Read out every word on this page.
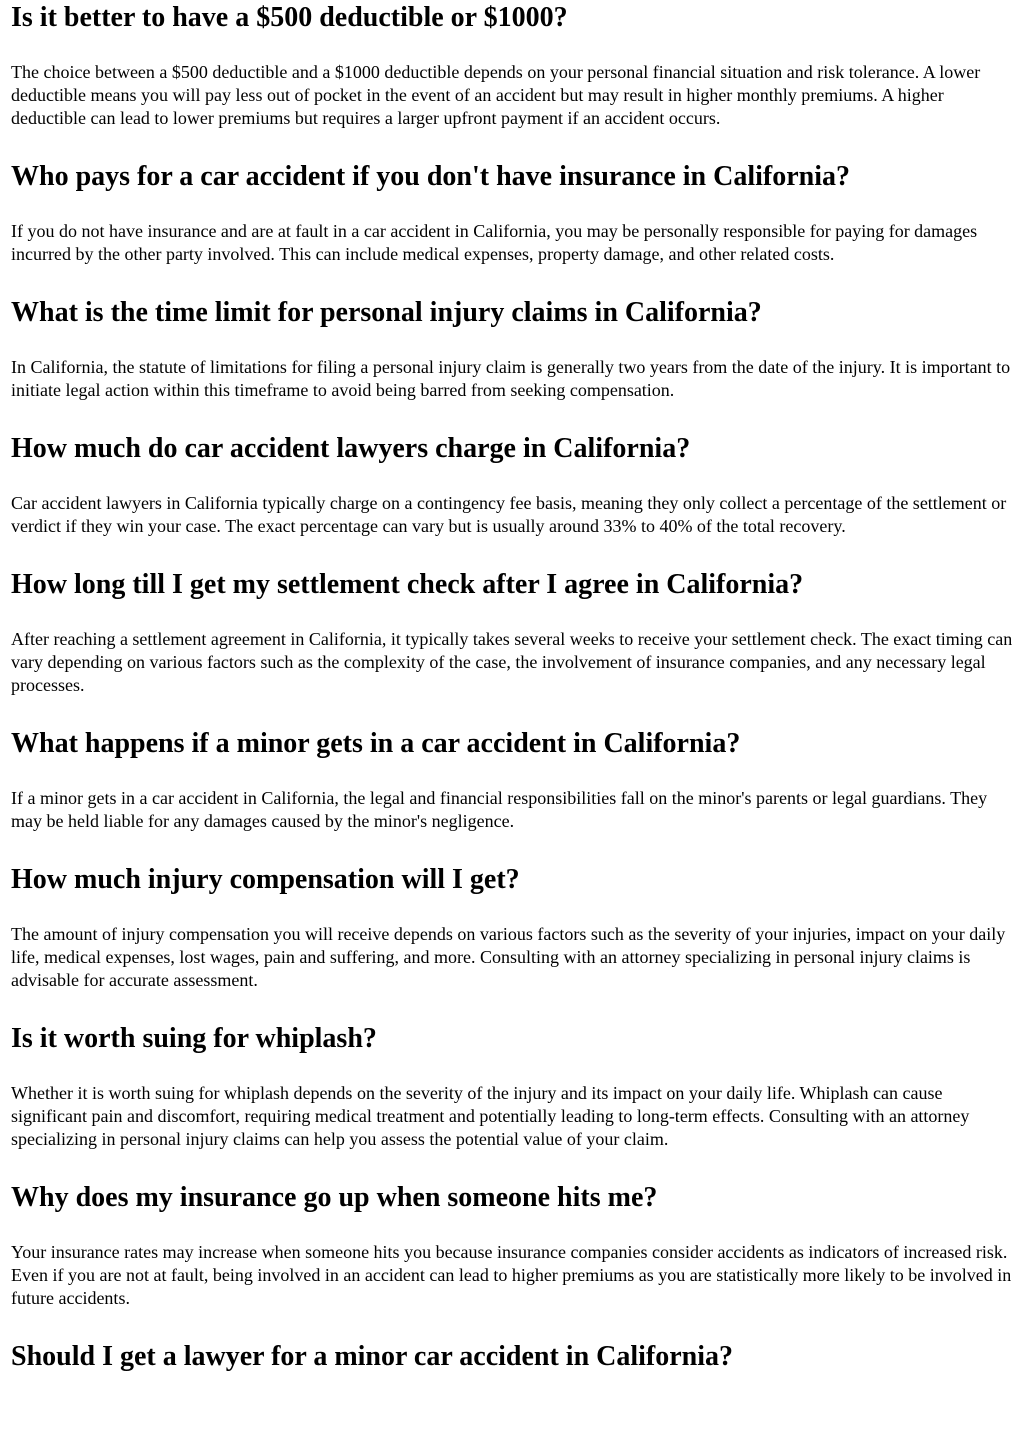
Is it better to have a $500 deductible or $1000?

The choice between a $500 deductible and a $1000 deductible depends on your personal financial situation and risk tolerance. A lower deductible means you will pay less out of pocket in the event of an accident but may result in higher monthly premiums. A higher deductible can lead to lower premiums but requires a larger upfront payment if an accident occurs.

Who pays for a car accident if you don't have insurance in California?

If you do not have insurance and are at fault in a car accident in California, you may be personally responsible for paying for damages incurred by the other party involved. This can include medical expenses, property damage, and other related costs.

What is the time limit for personal injury claims in California?

In California, the statute of limitations for filing a personal injury claim is generally two years from the date of the injury. It is important to initiate legal action within this timeframe to avoid being barred from seeking compensation.

How much do car accident lawyers charge in California?

Car accident lawyers in California typically charge on a contingency fee basis, meaning they only collect a percentage of the settlement or verdict if they win your case. The exact percentage can vary but is usually around 33% to 40% of the total recovery.

How long till I get my settlement check after I agree in California?

After reaching a settlement agreement in California, it typically takes several weeks to receive your settlement check. The exact timing can vary depending on various factors such as the complexity of the case, the involvement of insurance companies, and any necessary legal processes.

What happens if a minor gets in a car accident in California?

If a minor gets in a car accident in California, the legal and financial responsibilities fall on the minor's parents or legal guardians. They may be held liable for any damages caused by the minor's negligence.

How much injury compensation will I get?

The amount of injury compensation you will receive depends on various factors such as the severity of your injuries, impact on your daily life, medical expenses, lost wages, pain and suffering, and more. Consulting with an attorney specializing in personal injury claims is advisable for accurate assessment.

Is it worth suing for whiplash?

Whether it is worth suing for whiplash depends on the severity of the injury and its impact on your daily life. Whiplash can cause significant pain and discomfort, requiring medical treatment and potentially leading to long-term effects. Consulting with an attorney specializing in personal injury claims can help you assess the potential value of your claim.

Why does my insurance go up when someone hits me?

Your insurance rates may increase when someone hits you because insurance companies consider accidents as indicators of increased risk. Even if you are not at fault, being involved in an accident can lead to higher premiums as you are statistically more likely to be involved in future accidents.

Should I get a lawyer for a minor car accident in California?
